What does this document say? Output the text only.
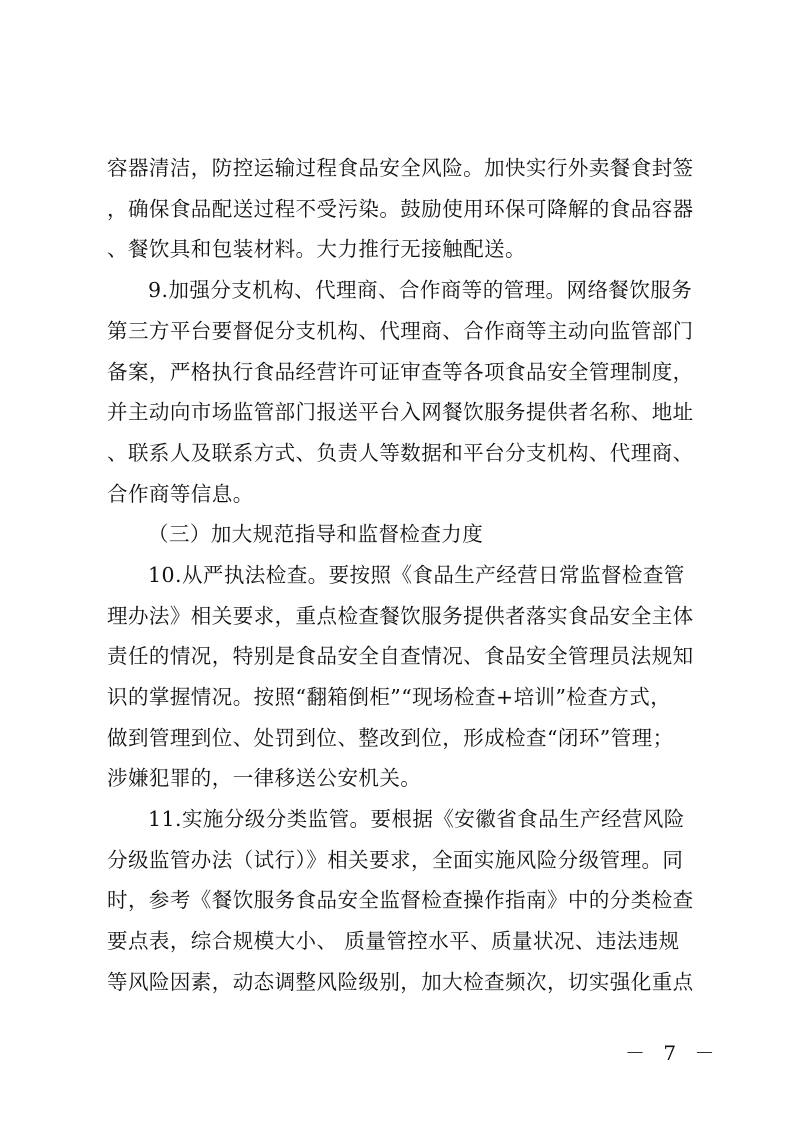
容器清洁，防控运输过程食品安全风险。加快实行外卖餐食封签
，确保食品配送过程不受污染。鼓励使用环保可降解的食品容器
、餐饮具和包装材料。大力推行无接触配送。
9.加强分支机构、代理商、合作商等的管理。网络餐饮服务
第三方平台要督促分支机构、代理商、合作商等主动向监管部门
备案，严格执行食品经营许可证审查等各项食品安全管理制度，
并主动向市场监管部门报送平台入网餐饮服务提供者名称、地址
、联系人及联系方式、负责人等数据和平台分支机构、代理商、
合作商等信息。
（三）加大规范指导和监督检查力度
10.从严执法检查。要按照《食品生产经营日常监督检查管
理办法》相关要求，重点检查餐饮服务提供者落实食品安全主体
责任的情况，特别是食品安全自查情况、食品安全管理员法规知
识的掌握情况。按照“翻箱倒柜”“现场检查+培训”检查方式，
做到管理到位、处罚到位、整改到位，形成检查“闭环”管理；
涉嫌犯罪的，一律移送公安机关。
11.实施分级分类监管。要根据《安徽省食品生产经营风险
分级监管办法（试行）》相关要求，全面实施风险分级管理。同
时，参考《餐饮服务食品安全监督检查操作指南》中的分类检查
要点表，综合规模大小、 质量管控水平、质量状况、违法违规
等风险因素，动态调整风险级别，加大检查频次，切实强化重点
－ 7 －
